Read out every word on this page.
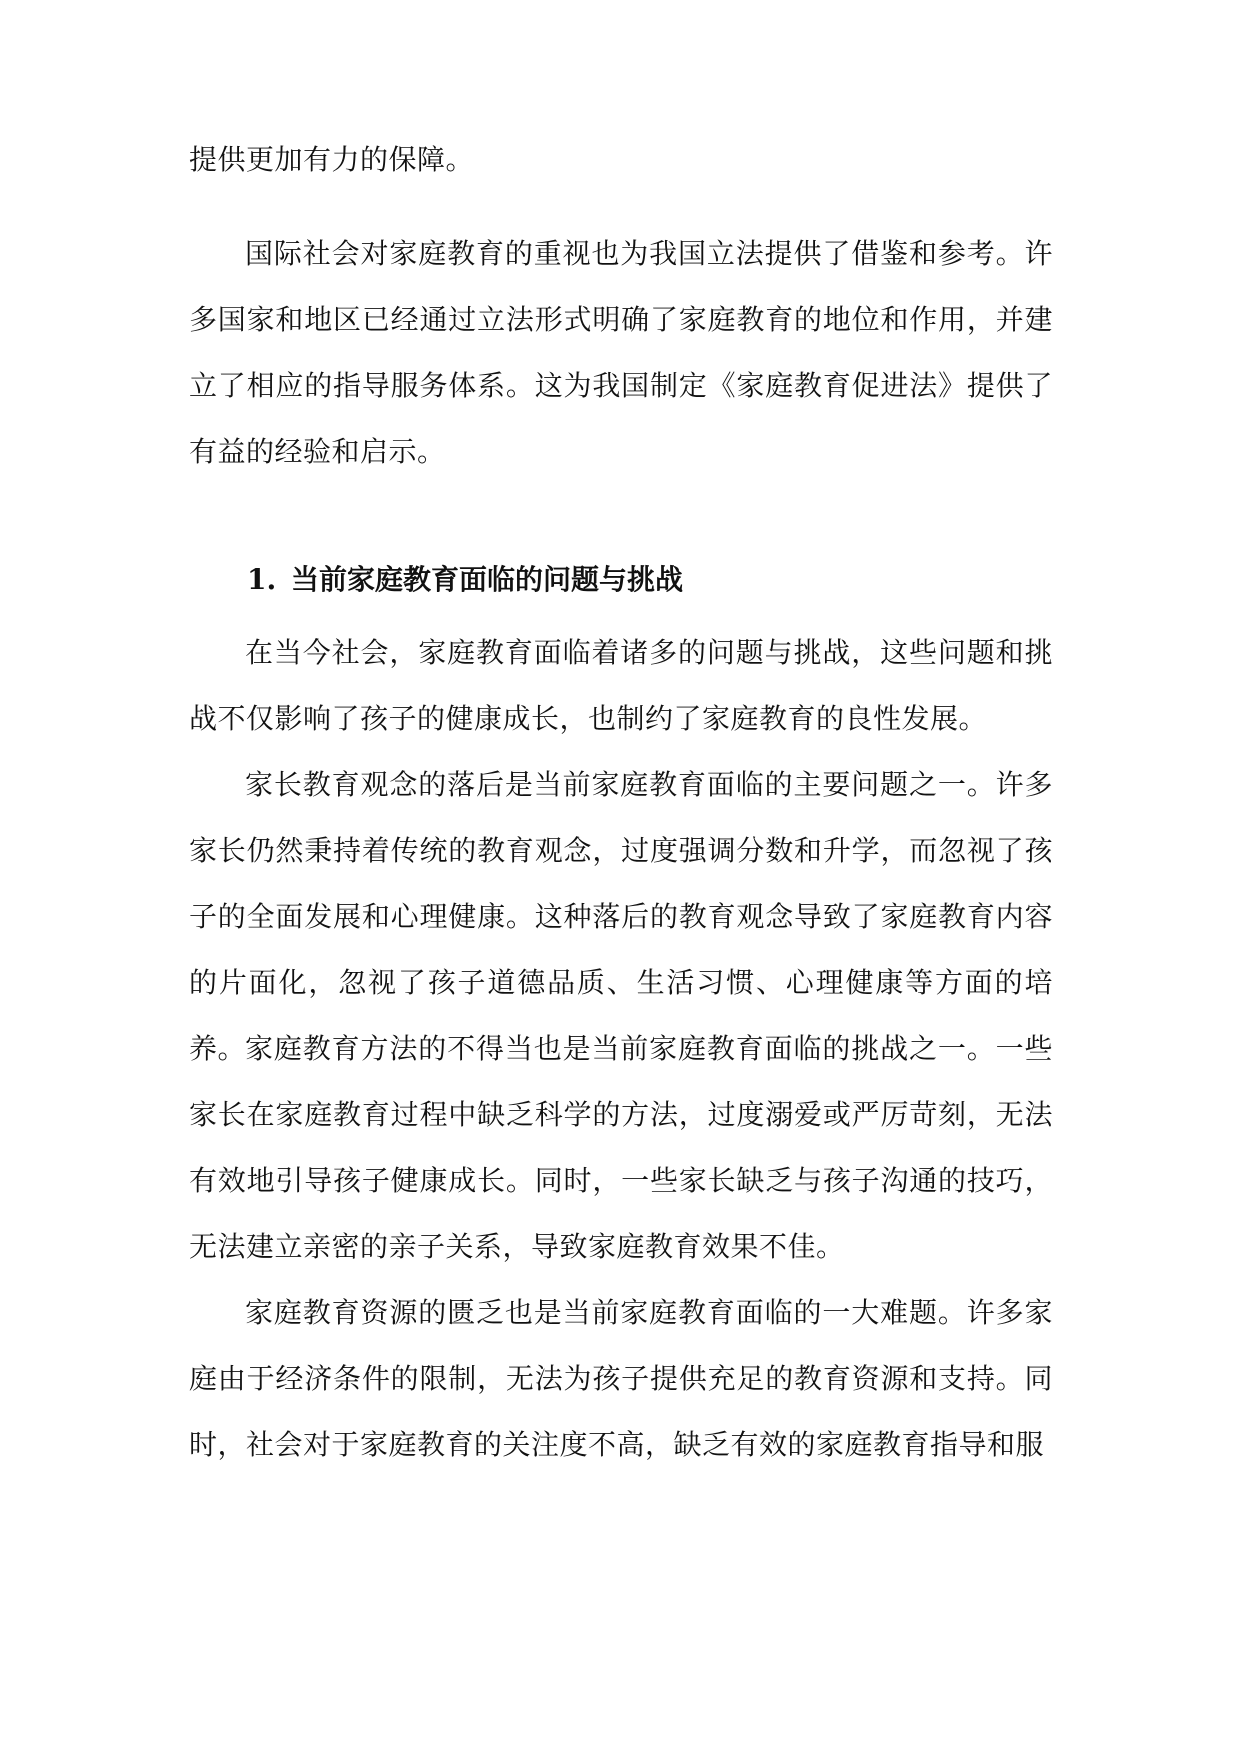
提供更加有力的保障。

国际社会对家庭教育的重视也为我国立法提供了借鉴和参考。许多国家和地区已经通过立法形式明确了家庭教育的地位和作用，并建立了相应的指导服务体系。这为我国制定《家庭教育促进法》提供了有益的经验和启示。

1. 当前家庭教育面临的问题与挑战

在当今社会，家庭教育面临着诸多的问题与挑战，这些问题和挑战不仅影响了孩子的健康成长，也制约了家庭教育的良性发展。

家长教育观念的落后是当前家庭教育面临的主要问题之一。许多家长仍然秉持着传统的教育观念，过度强调分数和升学，而忽视了孩子的全面发展和心理健康。这种落后的教育观念导致了家庭教育内容的片面化，忽视了孩子道德品质、生活习惯、心理健康等方面的培养。

家庭教育方法的不得当也是当前家庭教育面临的挑战之一。一些家长在家庭教育过程中缺乏科学的方法，过度溺爱或严厉苛刻，无法有效地引导孩子健康成长。同时，一些家长缺乏与孩子沟通的技巧，无法建立亲密的亲子关系，导致家庭教育效果不佳。

家庭教育资源的匮乏也是当前家庭教育面临的一大难题。许多家庭由于经济条件的限制，无法为孩子提供充足的教育资源和支持。同时，社会对于家庭教育的关注度不高，缺乏有效的家庭教育指导和服
